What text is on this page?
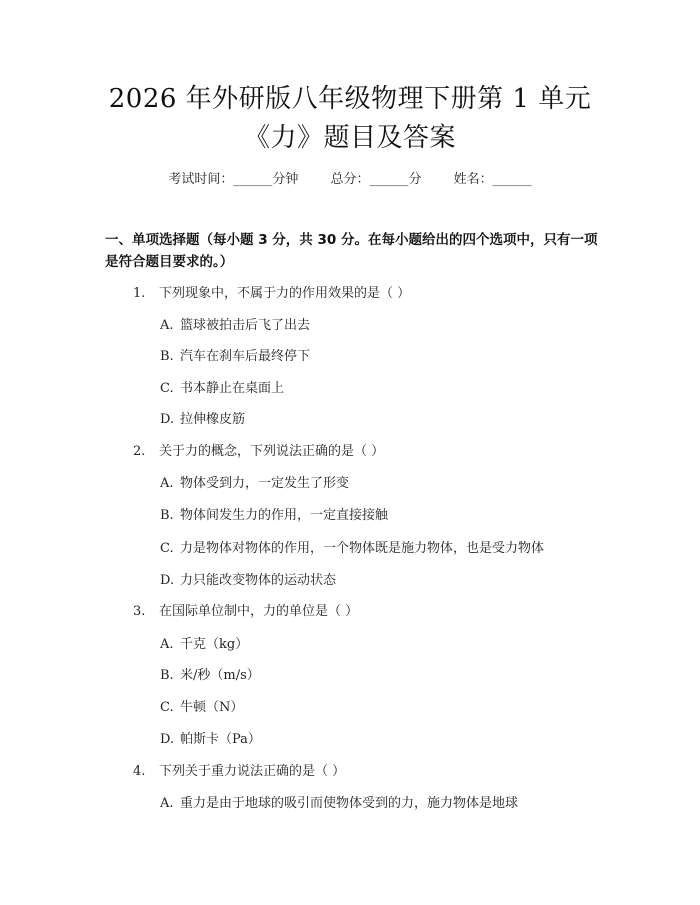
2026 年外研版八年级物理下册第 1 单元
《力》题目及答案
考试时间：______分钟 总分：______分 姓名：______
一、单项选择题（每小题 3 分，共 30 分。在每小题给出的四个选项中，只有一项是符合题目要求的。）
1. 下列现象中，不属于力的作用效果的是（ ）
A. 篮球被拍击后飞了出去
B. 汽车在刹车后最终停下
C. 书本静止在桌面上
D. 拉伸橡皮筋
2. 关于力的概念，下列说法正确的是（ ）
A. 物体受到力，一定发生了形变
B. 物体间发生力的作用，一定直接接触
C. 力是物体对物体的作用，一个物体既是施力物体，也是受力物体
D. 力只能改变物体的运动状态
3. 在国际单位制中，力的单位是（ ）
A. 千克（kg）
B. 米/秒（m/s）
C. 牛顿（N）
D. 帕斯卡（Pa）
4. 下列关于重力说法正确的是（ ）
A. 重力是由于地球的吸引而使物体受到的力，施力物体是地球
